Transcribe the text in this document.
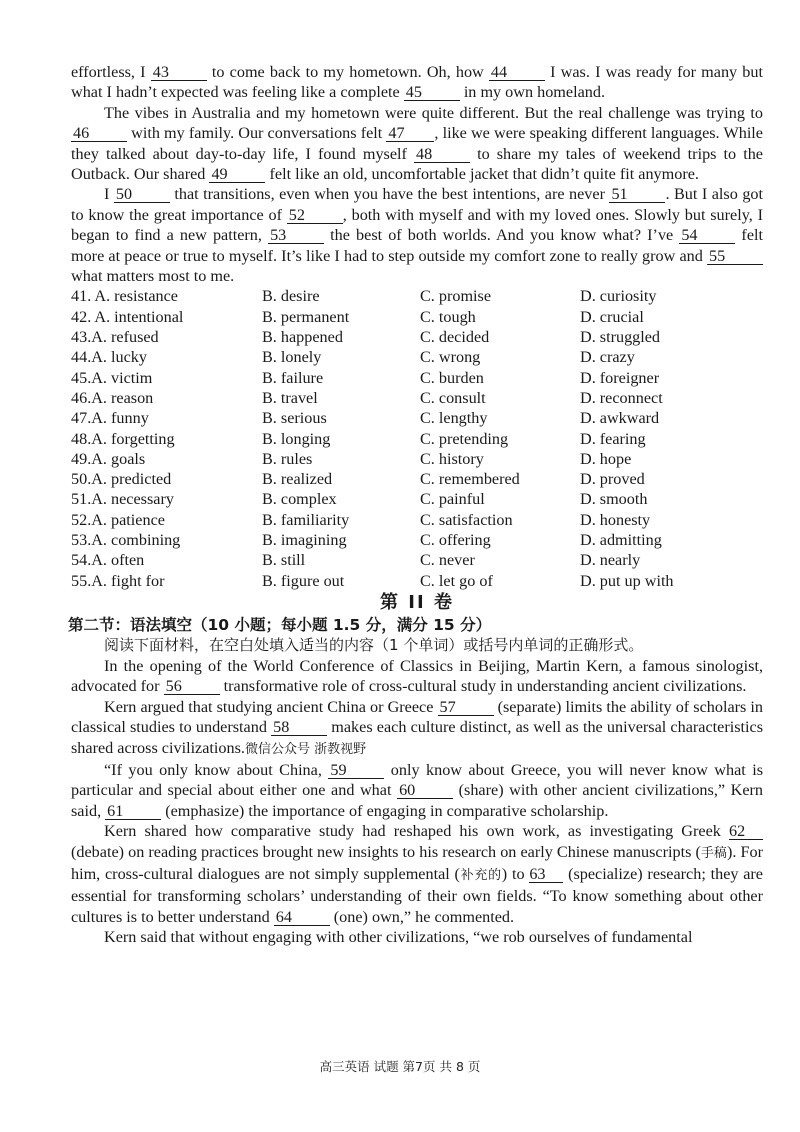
effortless, I 43 to come back to my hometown. Oh, how 44 I was. I was ready for many but what I hadn’t expected was feeling like a complete 45 in my own homeland.

The vibes in Australia and my hometown were quite different. But the real challenge was trying to 46 with my family. Our conversations felt 47 , like we were speaking different languages. While they talked about day-to-day life, I found myself 48 to share my tales of weekend trips to the Outback. Our shared 49 felt like an old, uncomfortable jacket that didn’t quite fit anymore.

I 50 that transitions, even when you have the best intentions, are never 51 . But I also got to know the great importance of 52 , both with myself and with my loved ones. Slowly but surely, I began to find a new pattern, 53 the best of both worlds. And you know what? I’ve 54 felt more at peace or true to myself. It’s like I had to step outside my comfort zone to really grow and 55 what matters most to me.

41. A. resistance	B. desire	C. promise	D. curiosity
42. A. intentional	B. permanent	C. tough	D. crucial
43.A. refused	B. happened	C. decided	D. struggled
44.A. lucky	B. lonely	C. wrong	D. crazy
45.A. victim	B. failure	C. burden	D. foreigner
46.A. reason	B. travel	C. consult	D. reconnect
47.A. funny	B. serious	C. lengthy	D. awkward
48.A. forgetting	B. longing	C. pretending	D. fearing
49.A. goals	B. rules	C. history	D. hope
50.A. predicted	B. realized	C. remembered	D. proved
51.A. necessary	B. complex	C. painful	D. smooth
52.A. patience	B. familiarity	C. satisfaction	D. honesty
53.A. combining	B. imagining	C. offering	D. admitting
54.A. often	B. still	C. never	D. nearly
55.A. fight for	B. figure out	C. let go of	D. put up with
第 II 卷
第二节：语法填空（10 小题；每小题 1.5 分，满分 15 分）

阅读下面材料，在空白处填入适当的内容（1 个单词）或括号内单词的正确形式。

In the opening of the World Conference of Classics in Beijing, Martin Kern, a famous sinologist, advocated for 56 transformative role of cross-cultural study in understanding ancient civilizations.

Kern argued that studying ancient China or Greece 57 (separate) limits the ability of scholars in classical studies to understand 58 makes each culture distinct, as well as the universal characteristics shared across civilizations.微信公众号 浙教视野

“If you only know about China, 59 only know about Greece, you will never know what is particular and special about either one and what 60 (share) with other ancient civilizations,” Kern said, 61 (emphasize) the importance of engaging in comparative scholarship.

Kern shared how comparative study had reshaped his own work, as investigating Greek 62 (debate) on reading practices brought new insights to his research on early Chinese manuscripts (手稿). For him, cross-cultural dialogues are not simply supplemental (补充的) to 63 (specialize) research; they are essential for transforming scholars’ understanding of their own fields. “To know something about other cultures is to better understand 64 (one) own,” he commented.

Kern said that without engaging with other civilizations, “we rob ourselves of fundamental

高三英语 试题 第7页 共 8 页
